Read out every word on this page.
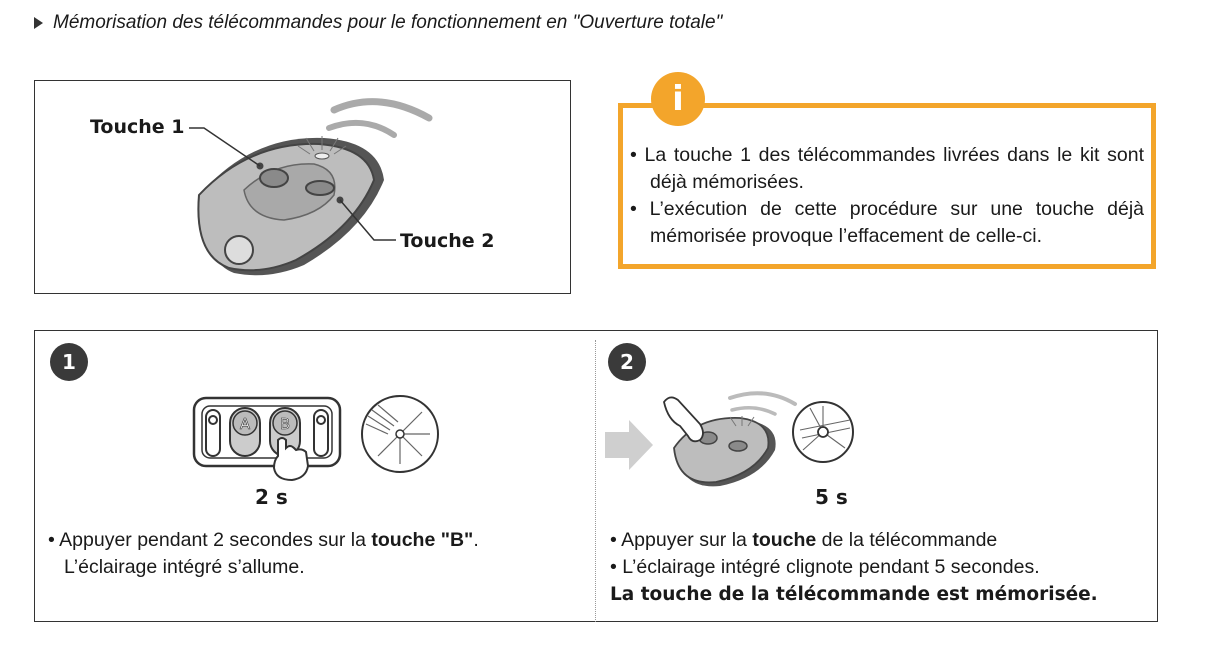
Mémorisation des télécommandes pour le fonctionnement en "Ouverture totale"
Touche 1
Touche 2
i

• La touche 1 des télécommandes livrées dans le kit sont déjà mémorisées.

• L’exécution de cette procédure sur une touche déjà mémorisée provoque l’effacement de celle-ci.

1
A B
2 s

• Appuyer pendant 2 secondes sur la touche "B".

L’éclairage intégré s’allume.

2
5 s

• Appuyer sur la touche de la télécommande

• L’éclairage intégré clignote pendant 5 secondes.

La touche de la télécommande est mémorisée.
